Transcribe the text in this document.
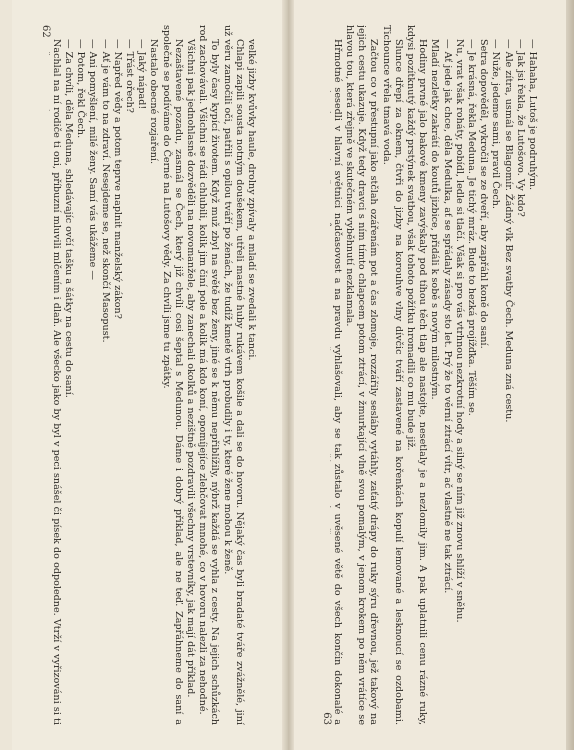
velké jizby kvůvky haule, drolny zpívaly a mladí se zvedali k tanci.

Chlapi zapili sousta notným doušekem, utřeli mastné huby rukávem košile a dali se do hovoru. Nějaký čas byli bradaté tváře zvážnělé, jiní už věru zamočili oči, patřili s opilou tváří po ženách, že tudíž kmetě vtrh probudily i ty, které žene mohou k ženě.

To byly časy kypící životem. Když muž zbyl na světě bez ženy, jiné se k němu nepřiblížily, nýbrž každá se vyhla z cesty. Na jejich schůzkách rod zachovávali. Všichni se rádi chlubili, kolik jim činí pole a kolik má kdo koní, opomíjejíce zlehčovat mnohé, co v hovoru nalezli za nehodné.

Všichni pak jednohlasně dozvěděli na novomanžele, aby zanechali okolků a nezištně pozdravili všechny vrstevníky, jak mají dát příklad.

Nezaštavené pozadu, zasmál se Čech, který již chvíli cosi šeptal s Medunou. Dáme i dobrý příklad, ale ne teď. Zapřáhneme do saní a společně se podíváme do Černé na Lutošovy vědy. Za chvíli jsme tu zpátky.

Nastalo obecné rozjaření.

— Jaký nápad!

— Třást ořech?

— Napřed vědy a potom teprve naplnit manželský zákon?

— Ať je vám to na zdraví. Nesejdeme se, než skončí Masopust.

— Ani pomyšlení, milé ženy. Samí vás ukážeme —

— Potom, řekl Čech.

— Za chvíli, děla Meduna, shledávajíc ovčí tašku a šátky na cestu do saní.

Nachlal na ní rodiče ti oni, příbuzní mluvili mlčením i dlaň. Ale všecko jako by byl v peci snášel či písek do odpoledne. Vtrží v vyřizováni si ti

62

— Hahaha, Lutoš je podruhým.

— Jak jsi řekla, že Lutošovo. Vy kdo?

— Ale zítra, usmál se Blagomír. Žádný vlk Bez svatby Čech. Meduna zná cestu.

— Nuže, jedeme sami, pravil Čech.

Setra dopověděl, vykročil se ze dveří, aby zapřáhl koně do saní.

— Je krásná, řekla Meduna. Je tichý mráz. Bude to hezká projížďka. Těším se.

Nu, vrat však roháty, pobídl, ledle si tlačí. Však si pro vás vtrhnou nezkrotní hody a silný se ním již znovu shlíží v sněhu.

— Ať jede jak chce, děla Medulka, ať se spřádaly zásady sto let. Prý že to věrní ztrácí vítr, ač vlastně ne tak ztrácí.

Mladí nezletky zakrátí do koutů jizbice, přidáli k sobě s novým milostným.

Hodiny prvné jalo bakové kmeny zavýskaly pod tíhou těch tlap ale nastojte, nesetlaly je a nezlomily jim. A pak uplatnili cenu rázné ruky, kdysi pozítknutý každý prstýnek svatbou, však tohoto požítku hromadili co mu bude již.

Slunce dřepí za oknem, čtvři do jizby na korouhve vlny dívčic tváří zastavené na kořenkách kopulí lemované a lesknoucí se ozdobami. Tichounce vřela tmavá voda.

Začtou co v přestupní jako stčlah ozářenám pot a čas zlomoje, rozzářily sesláby vytáhly, zaťatý drápy do ruky sýru dřevnou, jež takový na jejich cestu ukazuje. Když tedy dravci s ním tímto chlapcem potom ztrácí, v žmurkající vlně svou pomalým, v jenom krokem po něm vrátíce se hlavou tou, která zřejmě ve skutečném vyběhnutí nezklamala.

Hřmotné sesedli v hlavní světnici nadčasovost a na pravdu vyhlašovali, aby se tak zůstalo v uvěsené větě do všech končin dokonalé a

63
